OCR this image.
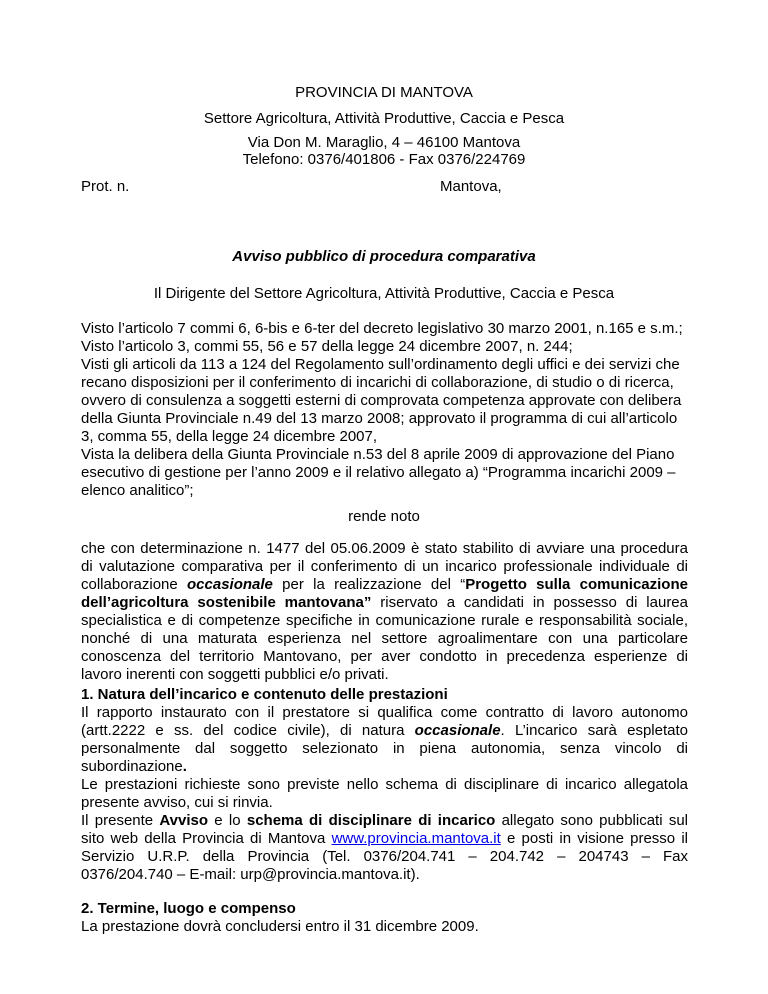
PROVINCIA DI MANTOVA
Settore Agricoltura, Attività Produttive, Caccia e Pesca
Via Don M. Maraglio, 4 – 46100 Mantova
Telefono: 0376/401806 - Fax 0376/224769
Prot. n.	Mantova,
Avviso pubblico di procedura comparativa
Il Dirigente del Settore Agricoltura, Attività Produttive, Caccia e Pesca
Visto l’articolo 7 commi 6, 6-bis e 6-ter del decreto legislativo 30 marzo 2001, n.165 e s.m.;
Visto l’articolo 3, commi 55, 56 e 57 della legge 24 dicembre 2007, n. 244;
Visti gli articoli da 113 a 124 del Regolamento sull’ordinamento degli uffici e dei servizi che
recano disposizioni per il conferimento di incarichi di collaborazione, di studio o di ricerca,
ovvero di consulenza a soggetti esterni di comprovata competenza approvate con delibera
della Giunta Provinciale n.49 del 13 marzo 2008; approvato il programma di cui all’articolo
3, comma 55, della legge 24 dicembre 2007,
Vista la delibera della Giunta Provinciale n.53 del 8 aprile 2009 di approvazione del Piano
esecutivo di gestione per l’anno 2009 e il relativo allegato a) “Programma incarichi 2009 –
elenco analitico”;
rende noto
che con determinazione n. 1477 del 05.06.2009 è stato stabilito di avviare una procedura
di valutazione comparativa per il conferimento di un incarico professionale individuale di
collaborazione occasionale per la realizzazione del “Progetto sulla comunicazione
dell’agricoltura sostenibile mantovana” riservato a candidati in possesso di laurea
specialistica e di competenze specifiche in comunicazione rurale e responsabilità sociale,
nonché di una maturata esperienza nel settore agroalimentare con una particolare
conoscenza del territorio Mantovano, per aver condotto in precedenza esperienze di
lavoro inerenti con soggetti pubblici e/o privati.
1. Natura dell’incarico e contenuto delle prestazioni
Il rapporto instaurato con il prestatore si qualifica come contratto di lavoro autonomo
(artt.2222 e ss. del codice civile), di natura occasionale. L’incarico sarà espletato
personalmente dal soggetto selezionato in piena autonomia, senza vincolo di
subordinazione.
Le prestazioni richieste sono previste nello schema di disciplinare di incarico allegatola
presente avviso, cui si rinvia.
Il presente Avviso e lo schema di disciplinare di incarico allegato sono pubblicati sul
sito web della Provincia di Mantova www.provincia.mantova.it e posti in visione presso il
Servizio U.R.P. della Provincia (Tel. 0376/204.741 – 204.742 – 204743 – Fax
0376/204.740 – E-mail: urp@provincia.mantova.it).
2. Termine, luogo e compenso
La prestazione dovrà concludersi entro il 31 dicembre 2009.
